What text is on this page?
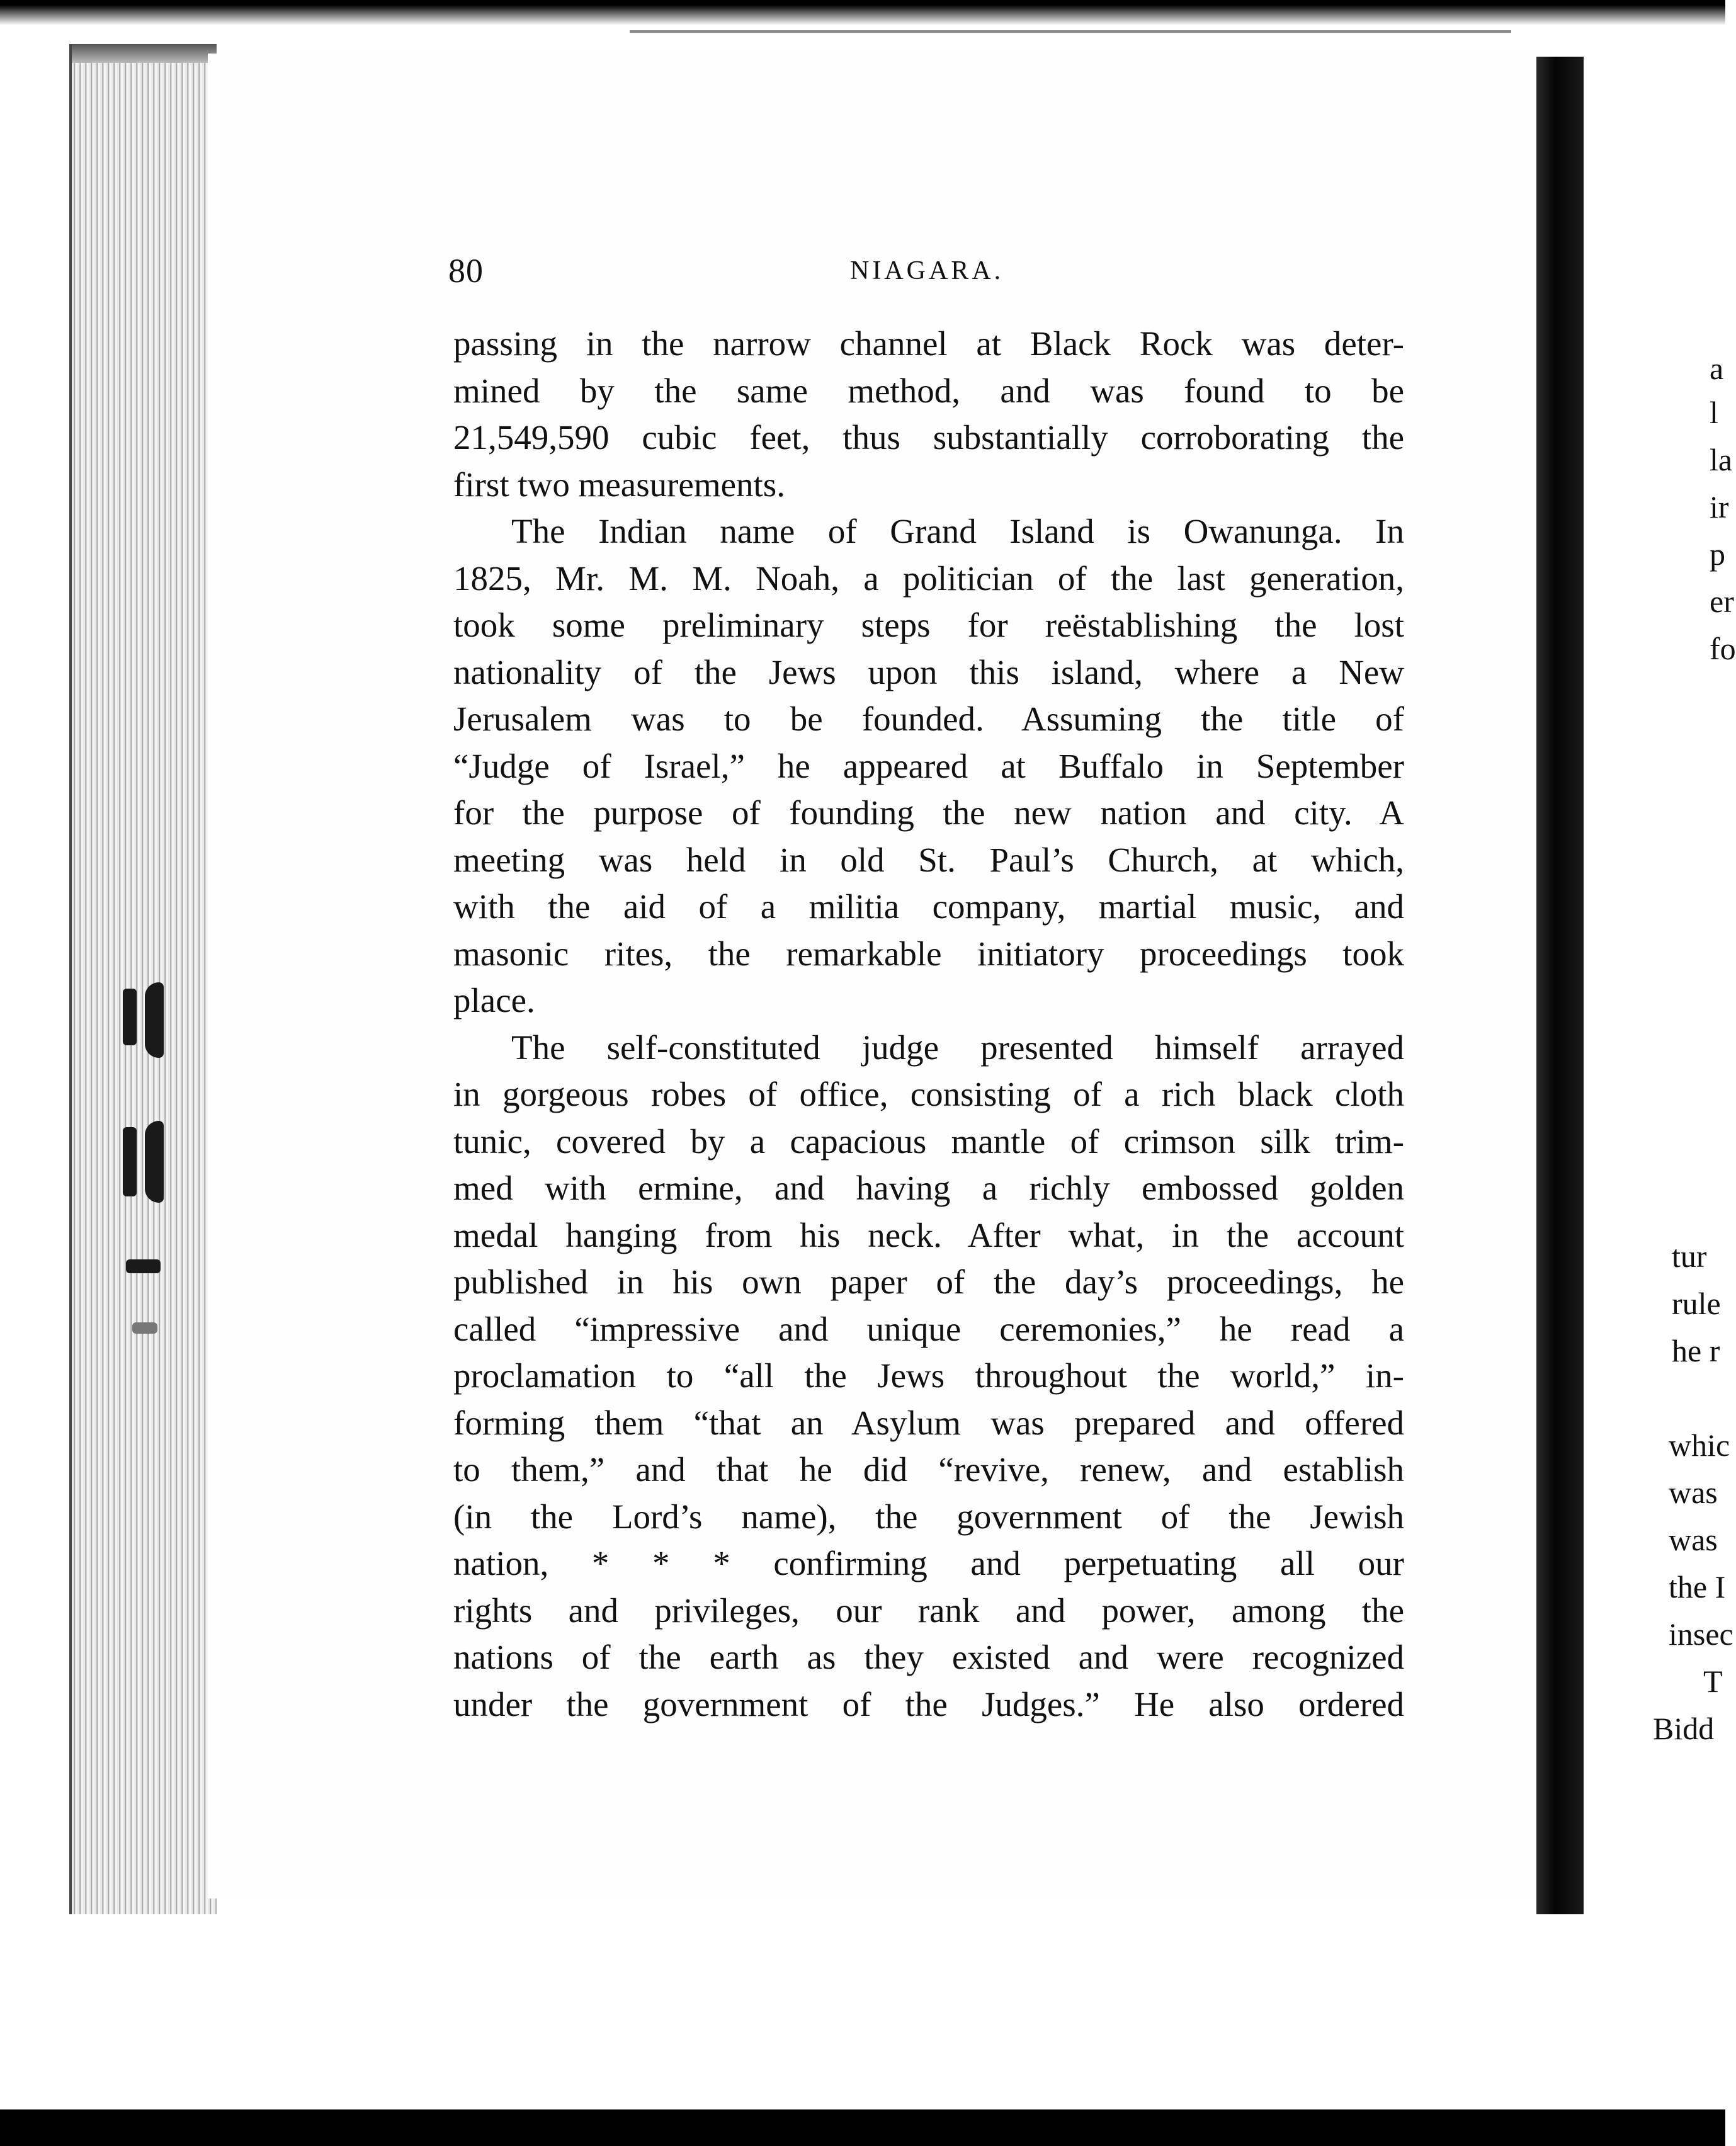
a
l
la
ir
p
er
fo
tur
rule
he r
whic
was
was
the I
insec
T
Bidd
80	NIAGARA.
passing in the narrow channel at Black Rock was deter-
mined by the same method, and was found to be
21,549,590 cubic feet, thus substantially corroborating the
first two measurements.
The Indian name of Grand Island is Owanunga. In
1825, Mr. M. M. Noah, a politician of the last generation,
took some preliminary steps for reëstablishing the lost
nationality of the Jews upon this island, where a New
Jerusalem was to be founded. Assuming the title of
“Judge of Israel,” he appeared at Buffalo in September
for the purpose of founding the new nation and city. A
meeting was held in old St. Paul’s Church, at which,
with the aid of a militia company, martial music, and
masonic rites, the remarkable initiatory proceedings took
place.
The self-constituted judge presented himself arrayed
in gorgeous robes of office, consisting of a rich black cloth
tunic, covered by a capacious mantle of crimson silk trim-
med with ermine, and having a richly embossed golden
medal hanging from his neck. After what, in the account
published in his own paper of the day’s proceedings, he
called “impressive and unique ceremonies,” he read a
proclamation to “all the Jews throughout the world,” in-
forming them “that an Asylum was prepared and offered
to them,” and that he did “revive, renew, and establish
(in the Lord’s name), the government of the Jewish
nation, * * * confirming and perpetuating all our
rights and privileges, our rank and power, among the
nations of the earth as they existed and were recognized
under the government of the Judges.” He also ordered
